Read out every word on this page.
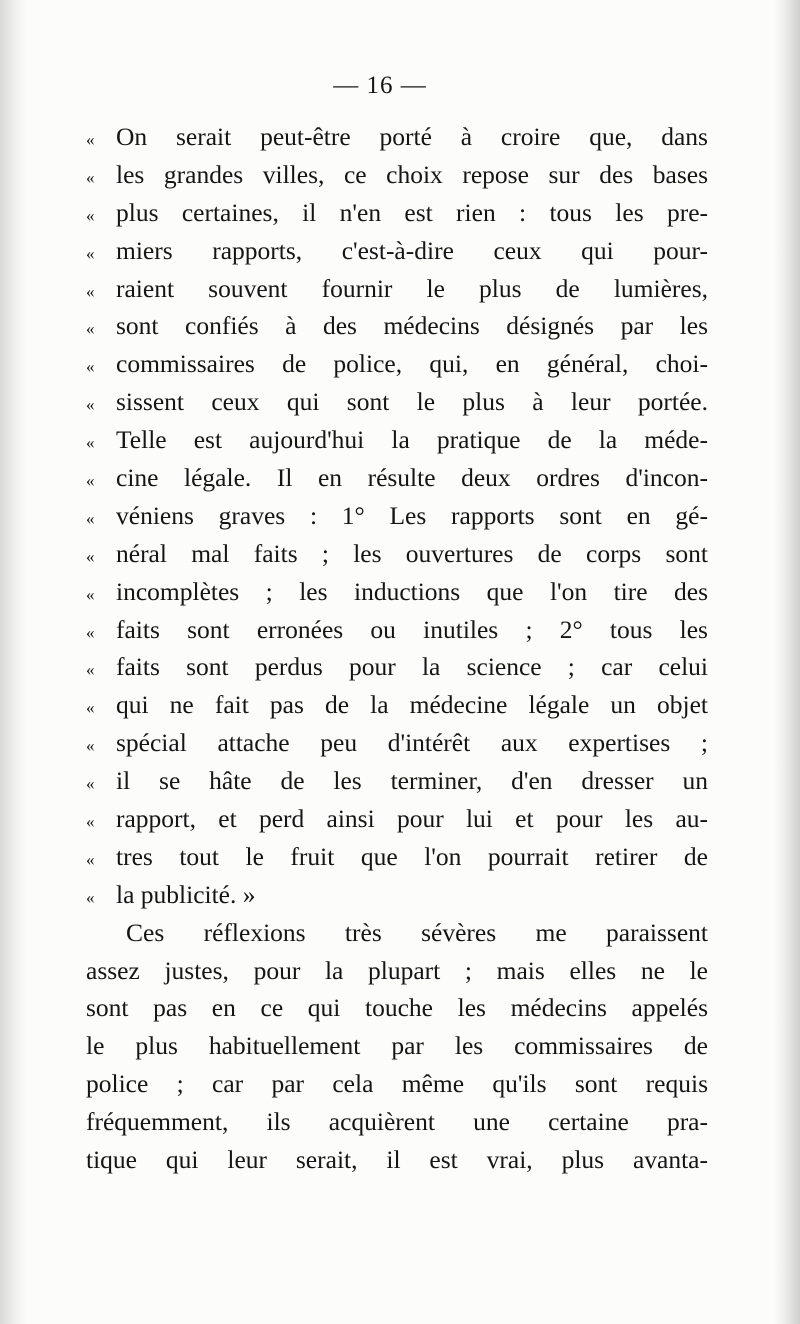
— 16 —
« On serait peut-être porté à croire que, dans
« les grandes villes, ce choix repose sur des bases
« plus certaines, il n'en est rien : tous les pre-
« miers rapports, c'est-à-dire ceux qui pour-
« raient souvent fournir le plus de lumières,
« sont confiés à des médecins désignés par les
« commissaires de police, qui, en général, choi-
« sissent ceux qui sont le plus à leur portée.
« Telle est aujourd'hui la pratique de la méde-
« cine légale. Il en résulte deux ordres d'incon-
« véniens graves : 1° Les rapports sont en gé-
« néral mal faits ; les ouvertures de corps sont
« incomplètes ; les inductions que l'on tire des
« faits sont erronées ou inutiles ; 2° tous les
« faits sont perdus pour la science ; car celui
« qui ne fait pas de la médecine légale un objet
« spécial attache peu d'intérêt aux expertises ;
« il se hâte de les terminer, d'en dresser un
« rapport, et perd ainsi pour lui et pour les au-
« tres tout le fruit que l'on pourrait retirer de
« la publicité. »
Ces réflexions très sévères me paraissent
assez justes, pour la plupart ; mais elles ne le
sont pas en ce qui touche les médecins appelés
le plus habituellement par les commissaires de
police ; car par cela même qu'ils sont requis
fréquemment, ils acquièrent une certaine pra-
tique qui leur serait, il est vrai, plus avanta-
